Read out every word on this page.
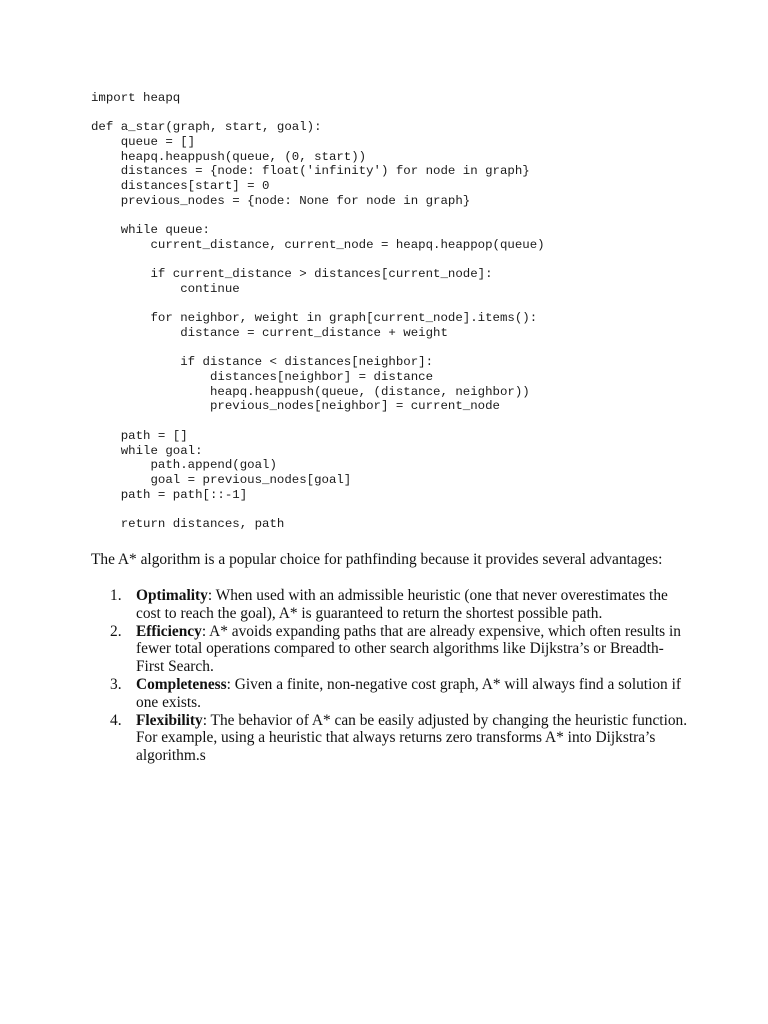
import heapq
def a_star(graph, start, goal):
queue = []
heapq.heappush(queue, (0, start))
distances = {node: float('infinity') for node in graph}
distances[start] = 0
previous_nodes = {node: None for node in graph}
while queue:
current_distance, current_node = heapq.heappop(queue)
if current_distance > distances[current_node]:
continue
for neighbor, weight in graph[current_node].items():
distance = current_distance + weight
if distance < distances[neighbor]:
distances[neighbor] = distance
heapq.heappush(queue, (distance, neighbor))
previous_nodes[neighbor] = current_node
path = []
while goal:
path.append(goal)
goal = previous_nodes[goal]
path = path[::-1]
return distances, path

The A* algorithm is a popular choice for pathfinding because it provides several advantages:

1. Optimality: When used with an admissible heuristic (one that never overestimates the cost to reach the goal), A* is guaranteed to return the shortest possible path.
2. Efficiency: A* avoids expanding paths that are already expensive, which often results in fewer total operations compared to other search algorithms like Dijkstra’s or Breadth-First Search.
3. Completeness: Given a finite, non-negative cost graph, A* will always find a solution if one exists.
4. Flexibility: The behavior of A* can be easily adjusted by changing the heuristic function. For example, using a heuristic that always returns zero transforms A* into Dijkstra’s algorithm.s
